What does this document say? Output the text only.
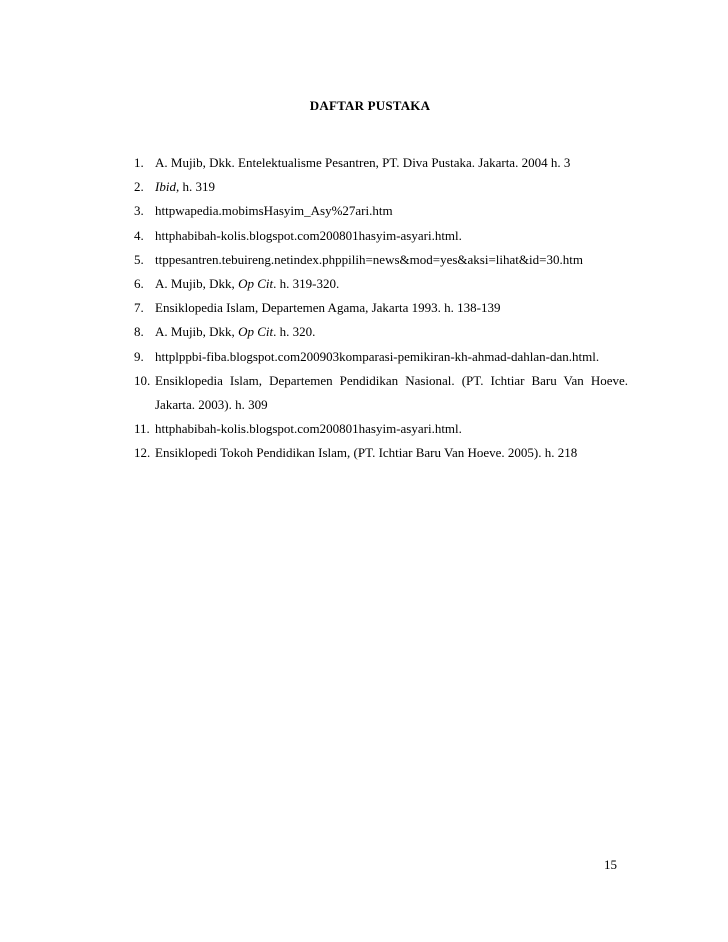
DAFTAR PUSTAKA
1. A. Mujib, Dkk. Entelektualisme Pesantren, PT. Diva Pustaka. Jakarta. 2004 h. 3
2. Ibid, h. 319
3. httpwapedia.mobimsHasyim_Asy%27ari.htm
4. httphabibah-kolis.blogspot.com200801hasyim-asyari.html.
5. ttppesantren.tebuireng.netindex.phppilih=news&mod=yes&aksi=lihat&id=30.htm
6. A. Mujib, Dkk, Op Cit. h. 319-320.
7. Ensiklopedia Islam, Departemen Agama, Jakarta 1993. h. 138-139
8. A. Mujib, Dkk, Op Cit. h. 320.
9. httplppbi-fiba.blogspot.com200903komparasi-pemikiran-kh-ahmad-dahlan-dan.html.
10. Ensiklopedia Islam, Departemen Pendidikan Nasional. (PT. Ichtiar Baru Van Hoeve. Jakarta. 2003). h. 309
11. httphabibah-kolis.blogspot.com200801hasyim-asyari.html.
12. Ensiklopedi Tokoh Pendidikan Islam, (PT. Ichtiar Baru Van Hoeve. 2005). h. 218
15
